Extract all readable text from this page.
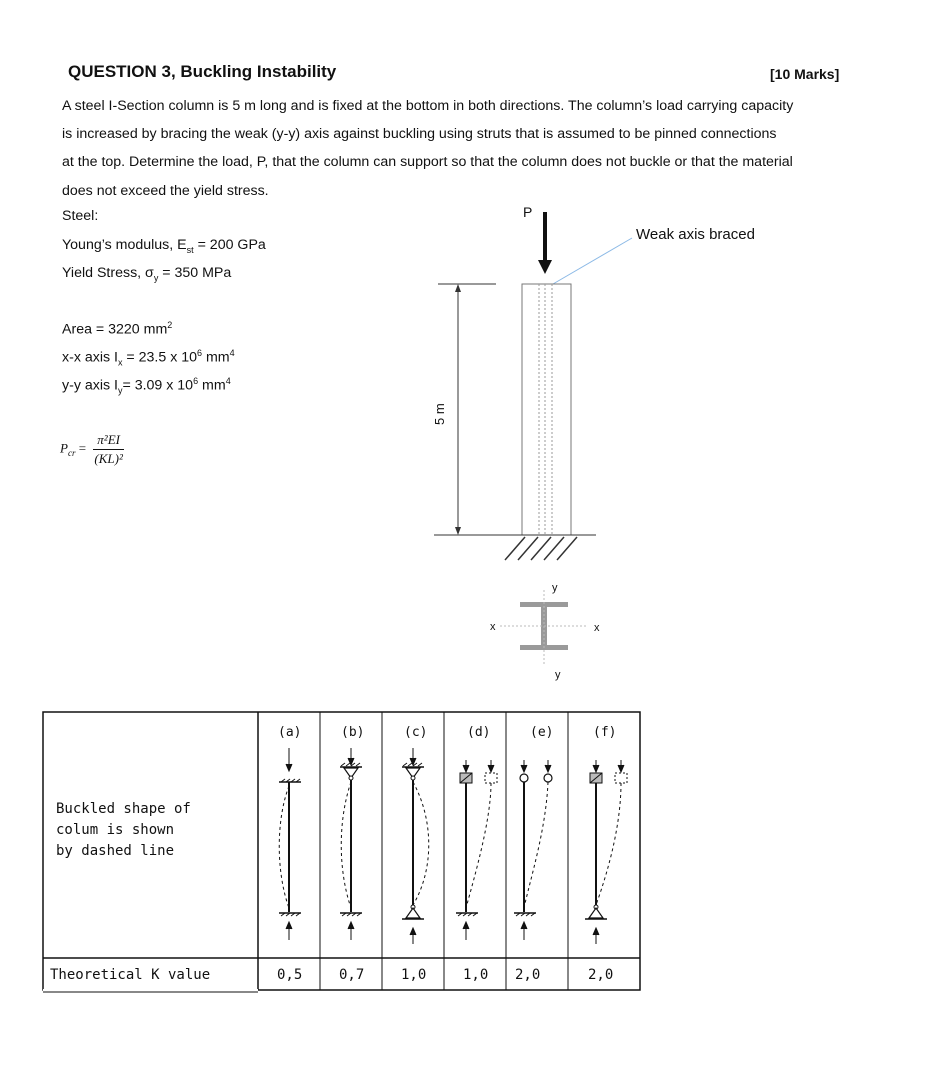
QUESTION 3, Buckling Instability	[10 Marks]

A steel I-Section column is 5 m long and is fixed at the bottom in both directions. The column’s load carrying capacity

is increased by bracing the weak (y-y) axis against buckling using struts that is assumed to be pinned connections

at the top. Determine the load, P, that the column can support so that the column does not buckle or that the material

does not exceed the yield stress.

Steel:
Young’s modulus, $E_{st} = 200$ GPa
Yield Stress, $\sigma_y = 350$ MPa
Area = 3220 $mm^2$
x-x axis $I_x = 23.5$ x $10^6$ $mm^4$
y-y axis $I_y= 3.09$ x $10^6$ $mm^4$
$P_{cr} = \frac{\text{π²EI}}{\text{(KL)²}}$
P
Weak axis braced
5 m
x	x
y
y
Buckled shape of colum is shown by dashed line
Theoretical K value
(a)	(b)	(c)	(d)	(e)	(f)
0,5	0,7	1,0	1,0 2,0	2,0
